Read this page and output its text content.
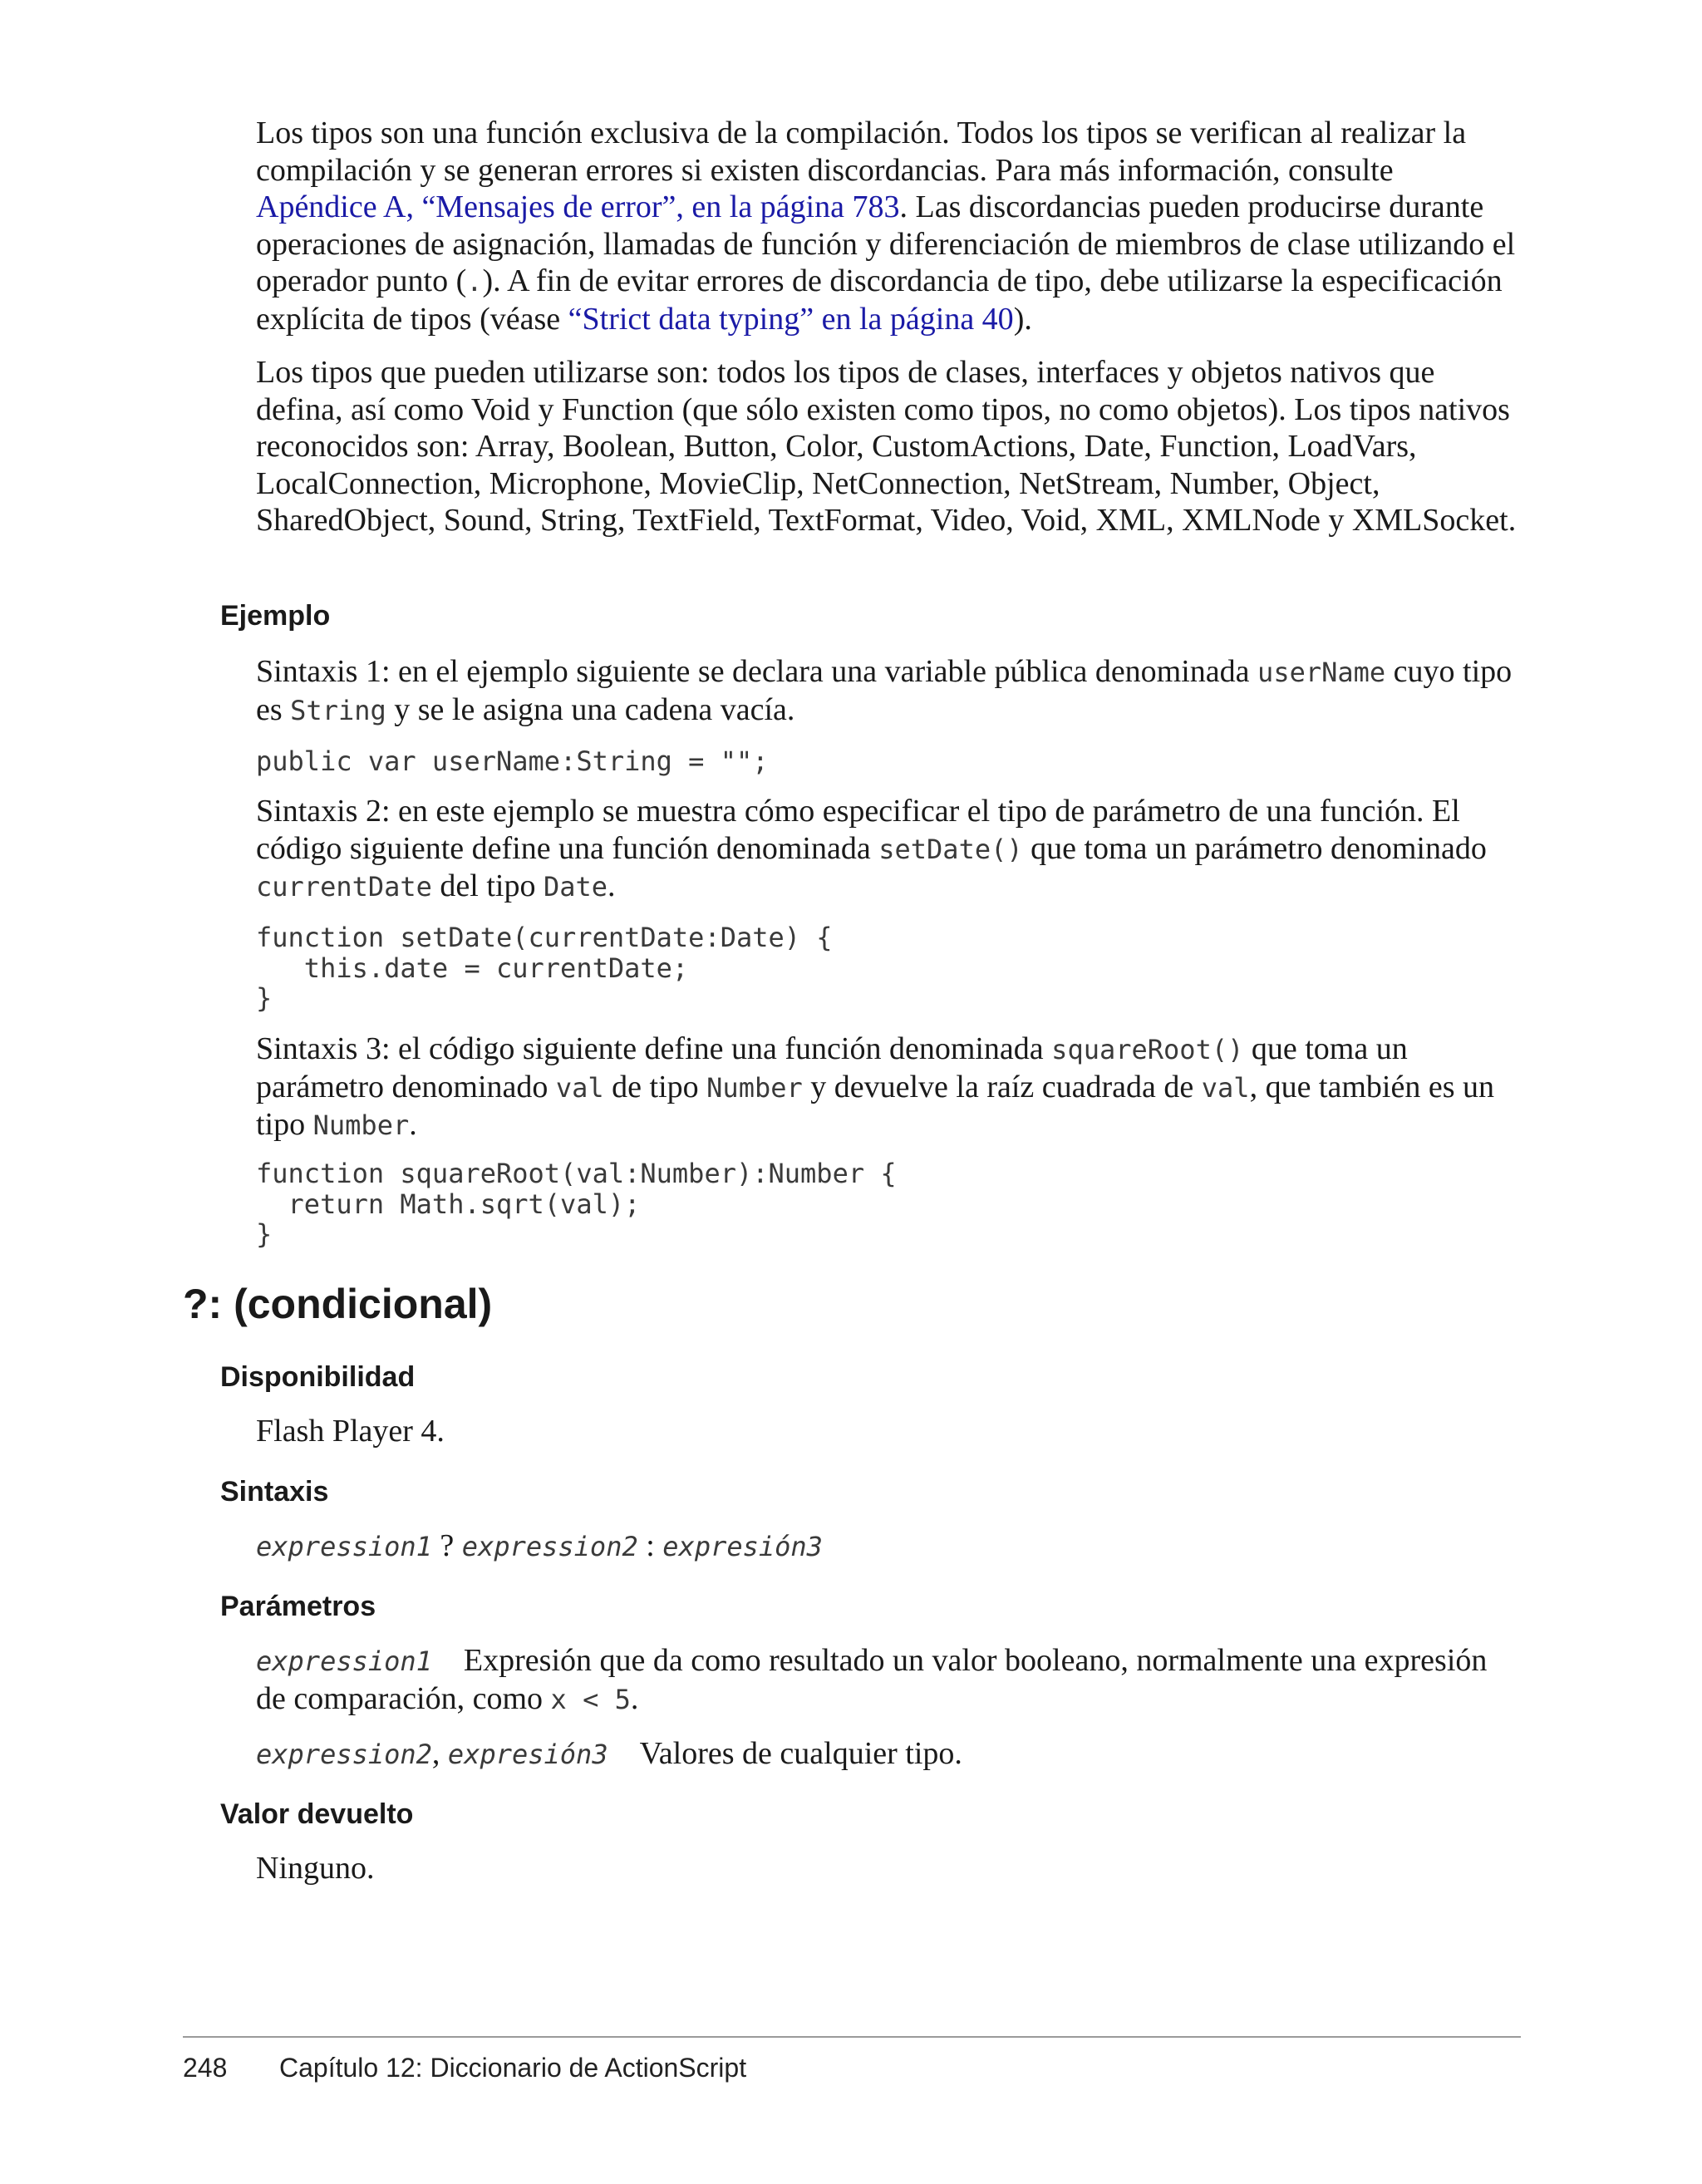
Los tipos son una función exclusiva de la compilación. Todos los tipos se verifican al realizar la compilación y se generan errores si existen discordancias. Para más información, consulte Apéndice A, “Mensajes de error”, en la página 783. Las discordancias pueden producirse durante operaciones de asignación, llamadas de función y diferenciación de miembros de clase utilizando el operador punto (.). A fin de evitar errores de discordancia de tipo, debe utilizarse la especificación explícita de tipos (véase “Strict data typing” en la página 40).

Los tipos que pueden utilizarse son: todos los tipos de clases, interfaces y objetos nativos que defina, así como Void y Function (que sólo existen como tipos, no como objetos). Los tipos nativos reconocidos son: Array, Boolean, Button, Color, CustomActions, Date, Function, LoadVars, LocalConnection, Microphone, MovieClip, NetConnection, NetStream, Number, Object, SharedObject, Sound, String, TextField, TextFormat, Video, Void, XML, XMLNode y XMLSocket.

Ejemplo

Sintaxis 1: en el ejemplo siguiente se declara una variable pública denominada userName cuyo tipo es String y se le asigna una cadena vacía.

public var userName:String = "";

Sintaxis 2: en este ejemplo se muestra cómo especificar el tipo de parámetro de una función. El código siguiente define una función denominada setDate() que toma un parámetro denominado currentDate del tipo Date.

function setDate(currentDate:Date) {
this.date = currentDate;
}

Sintaxis 3: el código siguiente define una función denominada squareRoot() que toma un parámetro denominado val de tipo Number y devuelve la raíz cuadrada de val, que también es un tipo Number.

function squareRoot(val:Number):Number {
return Math.sqrt(val);
}
?: (condicional)
Disponibilidad

Flash Player 4.

Sintaxis

expression1 ? expression2 : expresión3

Parámetros

expression1 Expresión que da como resultado un valor booleano, normalmente una expresión de comparación, como x < 5.

expression2, expresión3 Valores de cualquier tipo.

Valor devuelto

Ninguno.

248 Capítulo 12: Diccionario de ActionScript
